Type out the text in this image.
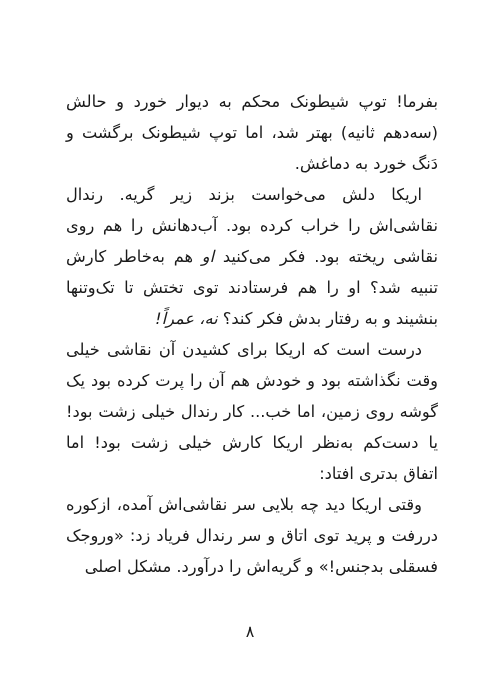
بفرما! توپ شیطونک محکم به دیوار خورد و حالش (سه‌دهم ثانیه) بهتر شد، اما توپ شیطونک برگشت و دَنگ خورد به دماغش.

اریکا دلش می‌خواست بزند زیر گریه. رندال نقاشی‌اش را خراب کرده بود. آب‌دهانش را هم روی نقاشی ریخته بود. فکر می‌کنید او هم به‌خاطر کارش تنبیه شد؟ او را هم فرستادند توی تختش تا تک‌وتنها بنشیند و به رفتار بدش فکر کند؟ نه، عمراً!

درست است که اریکا برای کشیدن آن نقاشی خیلی وقت نگذاشته بود و خودش هم آن را پرت کرده بود یک گوشه روی زمین، اما خب... کار رندال خیلی زشت بود! یا دست‌کم به‌نظر اریکا کارش خیلی زشت بود! اما اتفاق بدتری افتاد:

وقتی اریکا دید چه بلایی سر نقاشی‌اش آمده، ازکوره دررفت و پرید توی اتاق و سر رندال فریاد زد: «وروجک فسقلی بدجنس!» و گریه‌اش را درآورد. مشکل اصلی

۸
